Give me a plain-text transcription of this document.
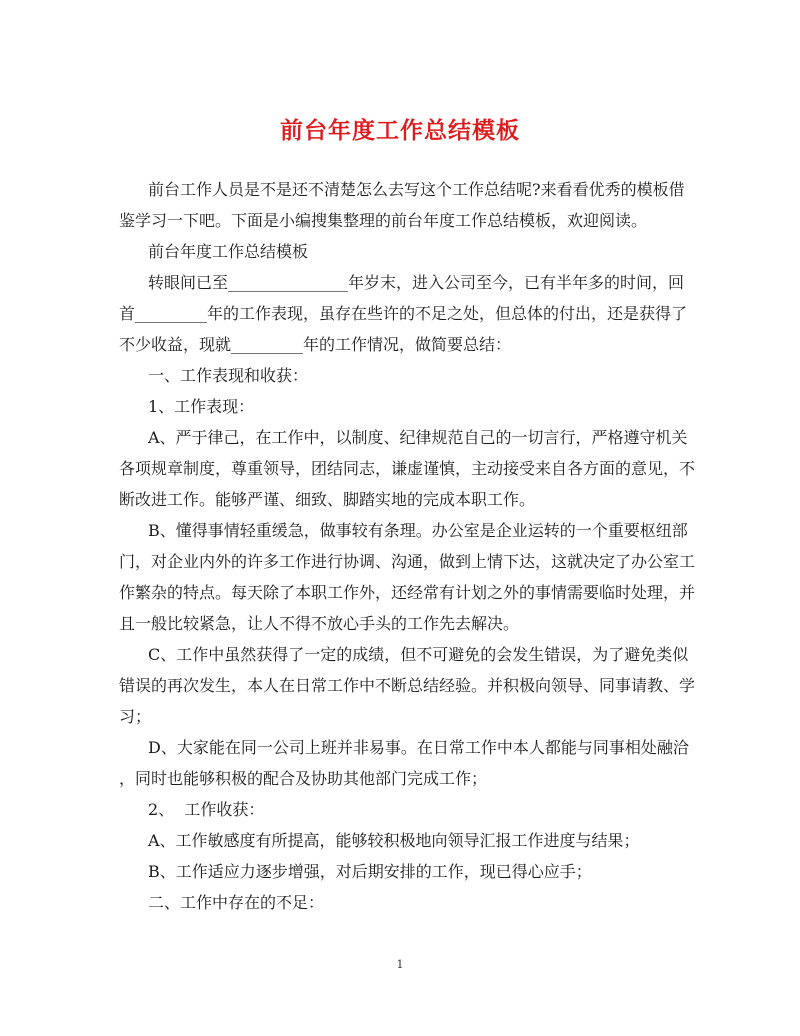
前台年度工作总结模板
前台工作人员是不是还不清楚怎么去写这个工作总结呢?来看看优秀的模板借
鉴学习一下吧。下面是小编搜集整理的前台年度工作总结模板，欢迎阅读。
前台年度工作总结模板
转眼间已至_______________年岁末，进入公司至今，已有半年多的时间，回
首_________年的工作表现，虽存在些许的不足之处，但总体的付出，还是获得了
不少收益，现就_________年的工作情况，做简要总结：
一、工作表现和收获：
1、工作表现：
A、严于律己，在工作中，以制度、纪律规范自己的一切言行，严格遵守机关
各项规章制度，尊重领导，团结同志，谦虚谨慎，主动接受来自各方面的意见，不
断改进工作。能够严谨、细致、脚踏实地的完成本职工作。
B、懂得事情轻重缓急，做事较有条理。办公室是企业运转的一个重要枢纽部
门，对企业内外的许多工作进行协调、沟通，做到上情下达，这就决定了办公室工
作繁杂的特点。每天除了本职工作外，还经常有计划之外的事情需要临时处理，并
且一般比较紧急，让人不得不放心手头的工作先去解决。
C、工作中虽然获得了一定的成绩，但不可避免的会发生错误，为了避免类似
错误的再次发生，本人在日常工作中不断总结经验。并积极向领导、同事请教、学
习；
D、大家能在同一公司上班并非易事。在日常工作中本人都能与同事相处融洽
，同时也能够积极的配合及协助其他部门完成工作；
2、  工作收获：
A、工作敏感度有所提高，能够较积极地向领导汇报工作进度与结果；
B、工作适应力逐步增强，对后期安排的工作，现已得心应手；
二、工作中存在的不足：
1
